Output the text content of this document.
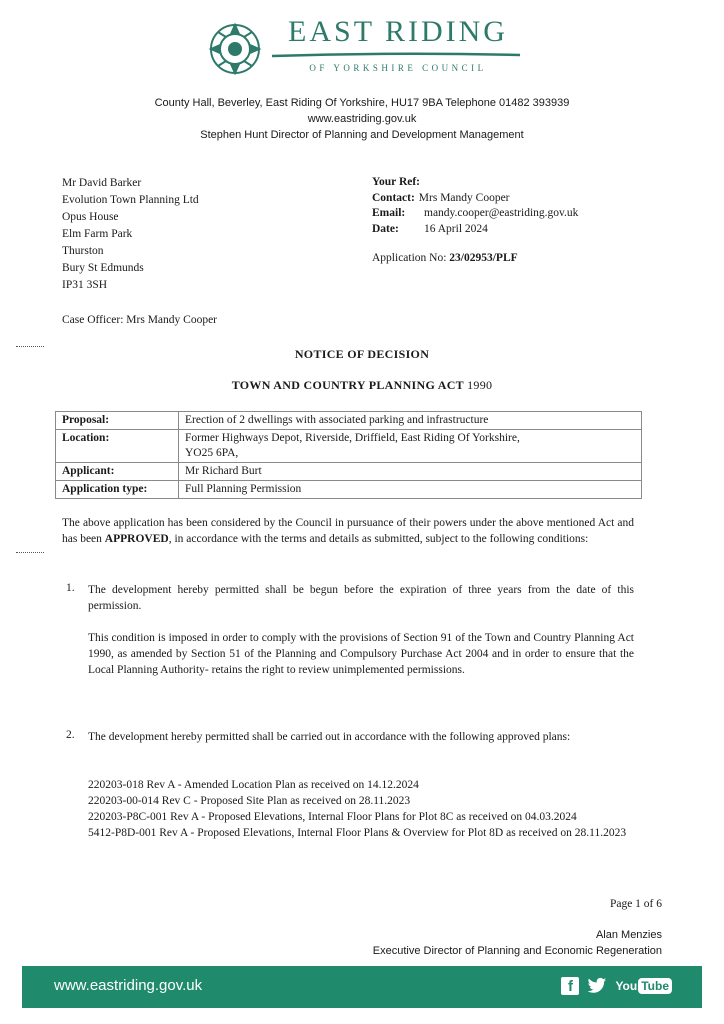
EAST RIDING
OF YORKSHIRE COUNCIL
County Hall, Beverley, East Riding Of Yorkshire, HU17 9BA Telephone 01482 393939
www.eastriding.gov.uk
Stephen Hunt Director of Planning and Development Management
Mr David Barker
Evolution Town Planning Ltd
Opus House
Elm Farm Park
Thurston
Bury St Edmunds
IP31 3SH
Your Ref:
Contact: Mrs Mandy Cooper
Email:	mandy.cooper@eastriding.gov.uk
Date:	16 April 2024
Application No: 23/02953/PLF
Case Officer: Mrs Mandy Cooper
NOTICE OF DECISION
TOWN AND COUNTRY PLANNING ACT 1990
Proposal:	Erection of 2 dwellings with associated parking and infrastructure
Location:	Former Highways Depot, Riverside, Driffield, East Riding Of Yorkshire,
YO25 6PA,

Applicant:	Mr Richard Burt
Application type:	Full Planning Permission
The above application has been considered by the Council in pursuance of their powers under the above mentioned Act and has been APPROVED, in accordance with the terms and details as submitted, subject to the following conditions:
1. The development hereby permitted shall be begun before the expiration of three years from the date of this permission.
This condition is imposed in order to comply with the provisions of Section 91 of the Town and Country Planning Act 1990, as amended by Section 51 of the Planning and Compulsory Purchase Act 2004 and in order to ensure that the Local Planning Authority- retains the right to review unimplemented permissions.
2. The development hereby permitted shall be carried out in accordance with the following approved plans:
220203-018 Rev A - Amended Location Plan as received on 14.12.2024
220203-00-014 Rev C - Proposed Site Plan as received on 28.11.2023
220203-P8C-001 Rev A - Proposed Elevations, Internal Floor Plans for Plot 8C as received on 04.03.2024
5412-P8D-001 Rev A - Proposed Elevations, Internal Floor Plans & Overview for Plot 8D as received on 28.11.2023
Page 1 of 6
Alan Menzies
Executive Director of Planning and Economic Regeneration
www.eastriding.gov.uk	f	You Tube
